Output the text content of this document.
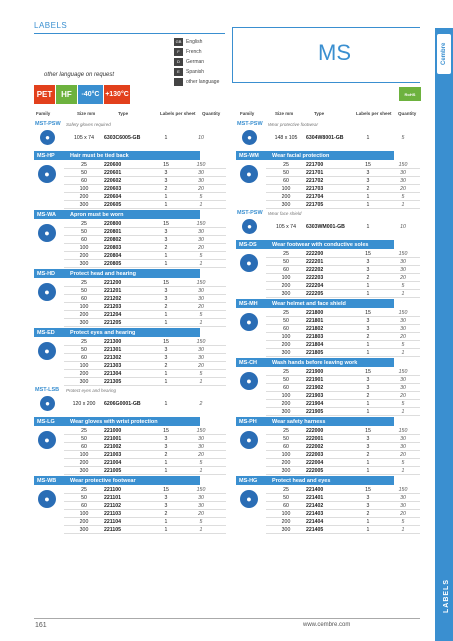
Cembre
LABELS
LABELS
MS
GB English
F	French
D	German
E	Spanish
other language
other language on request
PET	HF	-40°C +130°C	RoHS
Family	Size mm	Type	Labels per sheet Quantity	Family	Size mm	Type	Labels per sheet Quantity
MST-PSW Safety gloves required
●	105 x 74	6303C6005-GB	1	10
MS-HP	Hair must be tied back
●
25	220600	15	150
50	220601	3	30
60	220602	3	30
100	220603	2	20
200	220604	1	5
300	220605	1	1
MS-WA	Apron must be worn
●
25	220800	15	150
50	220801	3	30
60	220802	3	30
100	220803	2	20
200	220804	1	5
300	220805	1	1
MS-HD	Protect head and hearing
●
25	221200	15	150
50	221201	3	30
60	221202	3	30
100	221203	2	20
200	221204	1	5
300	221205	1	1
MS-ED	Protect eyes and hearing
●
25	221300	15	150
50	221301	3	30
60	221302	3	30
100	221303	2	20
200	221304	1	5
300	221305	1	1
MST-LSB Protect eyes and hearing
●	120 x 200	6206G0001-GB	1	2
MS-LG	Wear gloves with wrist protection
●
25	221000	15	150
50	221001	3	30
60	221002	3	30
100	221003	2	20
200	221004	1	5
300	221005	1	1
MS-WB	Wear protective footwear
●
25	221100	15	150
50	221101	3	30
60	221102	3	30
100	221103	2	20
200	221104	1	5
300	221105	1	1
MST-PSW Wear protective footwear
●	148 x 105	6304W8001-GB	1	5
MS-WM	Wear facial protection
●
25	221700	15	150
50	221701	3	30
60	221702	3	30
100	221703	2	20
200	221704	1	5
300	221705	1	1
MST-PSW Wear face shield
●	105 x 74	6303WM001-GB	1	10
MS-DS	Wear footwear with conductive soles
●
25	222200	15	150
50	222201	3	30
60	222202	3	30
100	222203	2	20
200	222204	1	5
300	222205	1	1
MS-MH	Wear helmet and face shield
●
25	221800	15	150
50	221801	3	30
60	221802	3	30
100	221803	2	20
200	221804	1	5
300	221805	1	1
MS-CH	Wash hands before leaving work
●
25	221900	15	150
50	221901	3	30
60	221902	3	30
100	221903	2	20
200	221904	1	5
300	221905	1	1
MS-PH	Wear safety harness
●
25	222000	15	150
50	222001	3	30
60	222002	3	30
100	222003	2	20
200	222004	1	5
300	222005	1	1
MS-HG	Protect head and eyes
●
25	221400	15	150
50	221401	3	30
60	221402	3	30
100	221403	2	20
200	221404	1	5
300	221405	1	1
161	www.cembre.com
